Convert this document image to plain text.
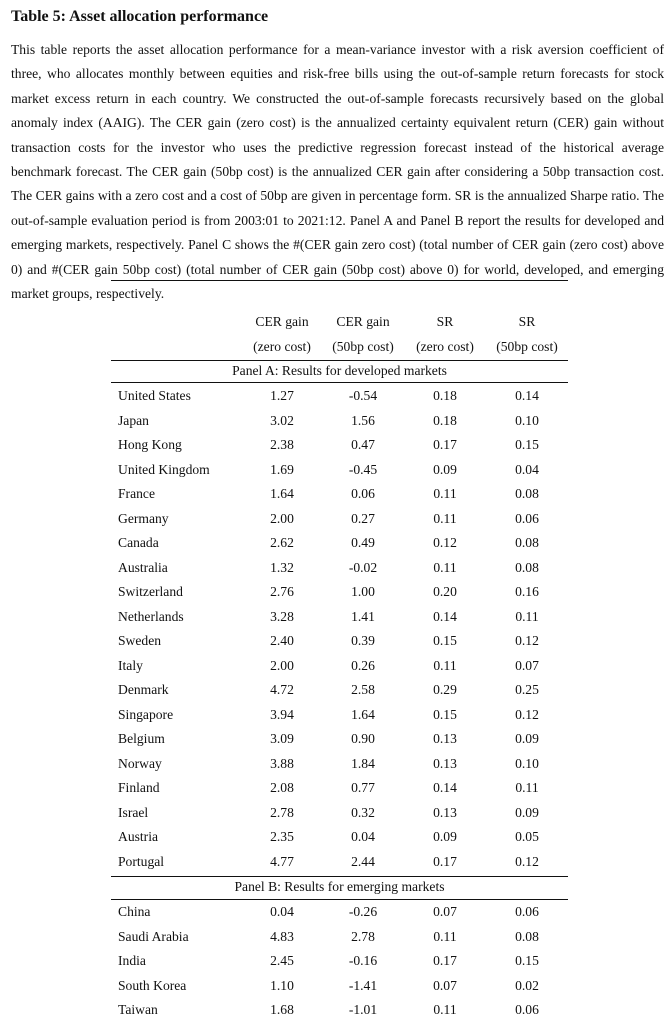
Table 5: Asset allocation performance
This table reports the asset allocation performance for a mean-variance investor with a risk aversion coefficient of three, who allocates monthly between equities and risk-free bills using the out-of-sample return forecasts for stock market excess return in each country. We constructed the out-of-sample forecasts recursively based on the global anomaly index (AAIG). The CER gain (zero cost) is the annualized certainty equivalent return (CER) gain without transaction costs for the investor who uses the predictive regression forecast instead of the historical average benchmark forecast. The CER gain (50bp cost) is the annualized CER gain after considering a 50bp transaction cost. The CER gains with a zero cost and a cost of 50bp are given in percentage form. SR is the annualized Sharpe ratio. The out-of-sample evaluation period is from 2003:01 to 2021:12. Panel A and Panel B report the results for developed and emerging markets, respectively. Panel C shows the #(CER gain zero cost) (total number of CER gain (zero cost) above 0) and #(CER gain 50bp cost) (total number of CER gain (50bp cost) above 0) for world, developed, and emerging market groups, respectively.
CER gain	CER gain	SR	SR
(zero cost)	(50bp cost)	(zero cost)	(50bp cost)
Panel A: Results for developed markets
United States	1.27	-0.54	0.18	0.14
Japan	3.02	1.56	0.18	0.10
Hong Kong	2.38	0.47	0.17	0.15
United Kingdom	1.69	-0.45	0.09	0.04
France	1.64	0.06	0.11	0.08
Germany	2.00	0.27	0.11	0.06
Canada	2.62	0.49	0.12	0.08
Australia	1.32	-0.02	0.11	0.08
Switzerland	2.76	1.00	0.20	0.16
Netherlands	3.28	1.41	0.14	0.11
Sweden	2.40	0.39	0.15	0.12
Italy	2.00	0.26	0.11	0.07
Denmark	4.72	2.58	0.29	0.25
Singapore	3.94	1.64	0.15	0.12
Belgium	3.09	0.90	0.13	0.09
Norway	3.88	1.84	0.13	0.10
Finland	2.08	0.77	0.14	0.11
Israel	2.78	0.32	0.13	0.09
Austria	2.35	0.04	0.09	0.05
Portugal	4.77	2.44	0.17	0.12
Panel B: Results for emerging markets
China	0.04	-0.26	0.07	0.06
Saudi Arabia	4.83	2.78	0.11	0.08
India	2.45	-0.16	0.17	0.15
South Korea	1.10	-1.41	0.07	0.02
Taiwan	1.68	-1.01	0.11	0.06
